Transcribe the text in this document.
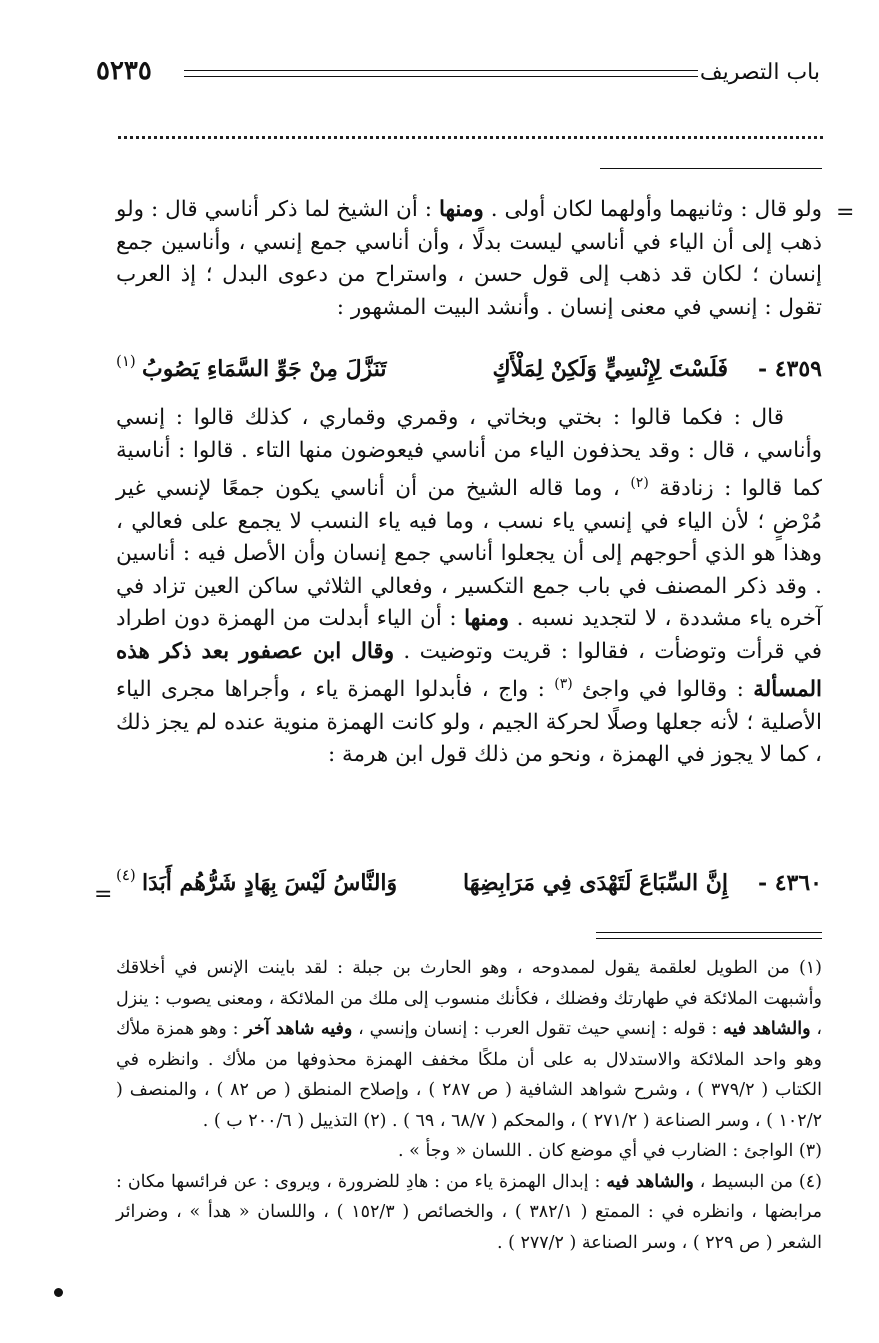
باب التصريف
٥٢٣٥
=

ولو قال : وثانيهما وأولهما لكان أولى . ومنها : أن الشيخ لما ذكر أناسي قال : ولو ذهب إلى أن الياء في أناسي ليست بدلًا ، وأن أناسي جمع إنسي ، وأناسين جمع إنسان ؛ لكان قد ذهب إلى قول حسن ، واستراح من دعوى البدل ؛ إذ العرب تقول : إنسي في معنى إنسان . وأنشد البيت المشهور :

٤٣٥٩ -
فَلَسْتَ لِإِنْسِيٍّ وَلَكِنْ لِمَلْأَكٍ
تَنَزَّلَ مِنْ جَوِّ السَّمَاءِ يَصُوبُ
(١)

قال : فكما قالوا : بختي وبخاتي ، وقمري وقماري ، كذلك قالوا : إنسي وأناسي ، قال : وقد يحذفون الياء من أناسي فيعوضون منها التاء . قالوا : أناسية كما قالوا : زنادقة $^{(٢)}$ ، وما قاله الشيخ من أن أناسي يكون جمعًا لإنسي غير مُرْضٍ ؛ لأن الياء في إنسي ياء نسب ، وما فيه ياء النسب لا يجمع على فعالي ، وهذا هو الذي أحوجهم إلى أن يجعلوا أناسي جمع إنسان وأن الأصل فيه : أناسين . وقد ذكر المصنف في باب جمع التكسير ، وفعالي الثلاثي ساكن العين تزاد في آخره ياء مشددة ، لا لتجديد نسبه . ومنها : أن الياء أبدلت من الهمزة دون اطراد في قرأت وتوضأت ، فقالوا : قريت وتوضيت . وقال ابن عصفور بعد ذكر هذه المسألة : وقالوا في واجئ $^{(٣)}$ : واج ، فأبدلوا الهمزة ياء ، وأجراها مجرى الياء الأصلية ؛ لأنه جعلها وصلًا لحركة الجيم ، ولو كانت الهمزة منوية عنده لم يجز ذلك ، كما لا يجوز في الهمزة ، ونحو من ذلك قول ابن هرمة :

٤٣٦٠ -
إِنَّ السِّبَاعَ لَتَهْدَى فِي مَرَابِضِهَا
وَالنَّاسُ لَيْسَ بِهَادٍ شَرُّهُم أَبَدَا
(٤)
=

(١) من الطويل لعلقمة يقول لممدوحه ، وهو الحارث بن جبلة : لقد باينت الإنس في أخلاقك وأشبهت الملائكة في طهارتك وفضلك ، فكأنك منسوب إلى ملك من الملائكة ، ومعنى يصوب : ينزل ، والشاهد فيه : قوله : إنسي حيث تقول العرب : إنسان وإنسي ، وفيه شاهد آخر : وهو همزة ملأك وهو واحد الملائكة والاستدلال به على أن ملكًا مخفف الهمزة محذوفها من ملأك . وانظره في الكتاب ( ٣٧٩/٢ ) ، وشرح شواهد الشافية ( ص ٢٨٧ ) ، وإصلاح المنطق ( ص ٨٢ ) ، والمنصف ( ١٠٢/٢ ) ، وسر الصناعة ( ٢٧١/٢ ) ، والمحكم ( ٦٨/٧ ، ٦٩ ) . (٢) التذييل ( ٢٠٠/٦ ب ) .

(٣) الواجئ : الضارب في أي موضع كان . اللسان « وجأ » .

(٤) من البسيط ، والشاهد فيه : إبدال الهمزة ياء من : هادِ للضرورة ، ويروى : عن فرائسها مكان : مرابضها ، وانظره في : الممتع ( ٣٨٢/١ ) ، والخصائص ( ١٥٢/٣ ) ، واللسان « هدأ » ، وضرائر الشعر ( ص ٢٢٩ ) ، وسر الصناعة ( ٢٧٧/٢ ) .
